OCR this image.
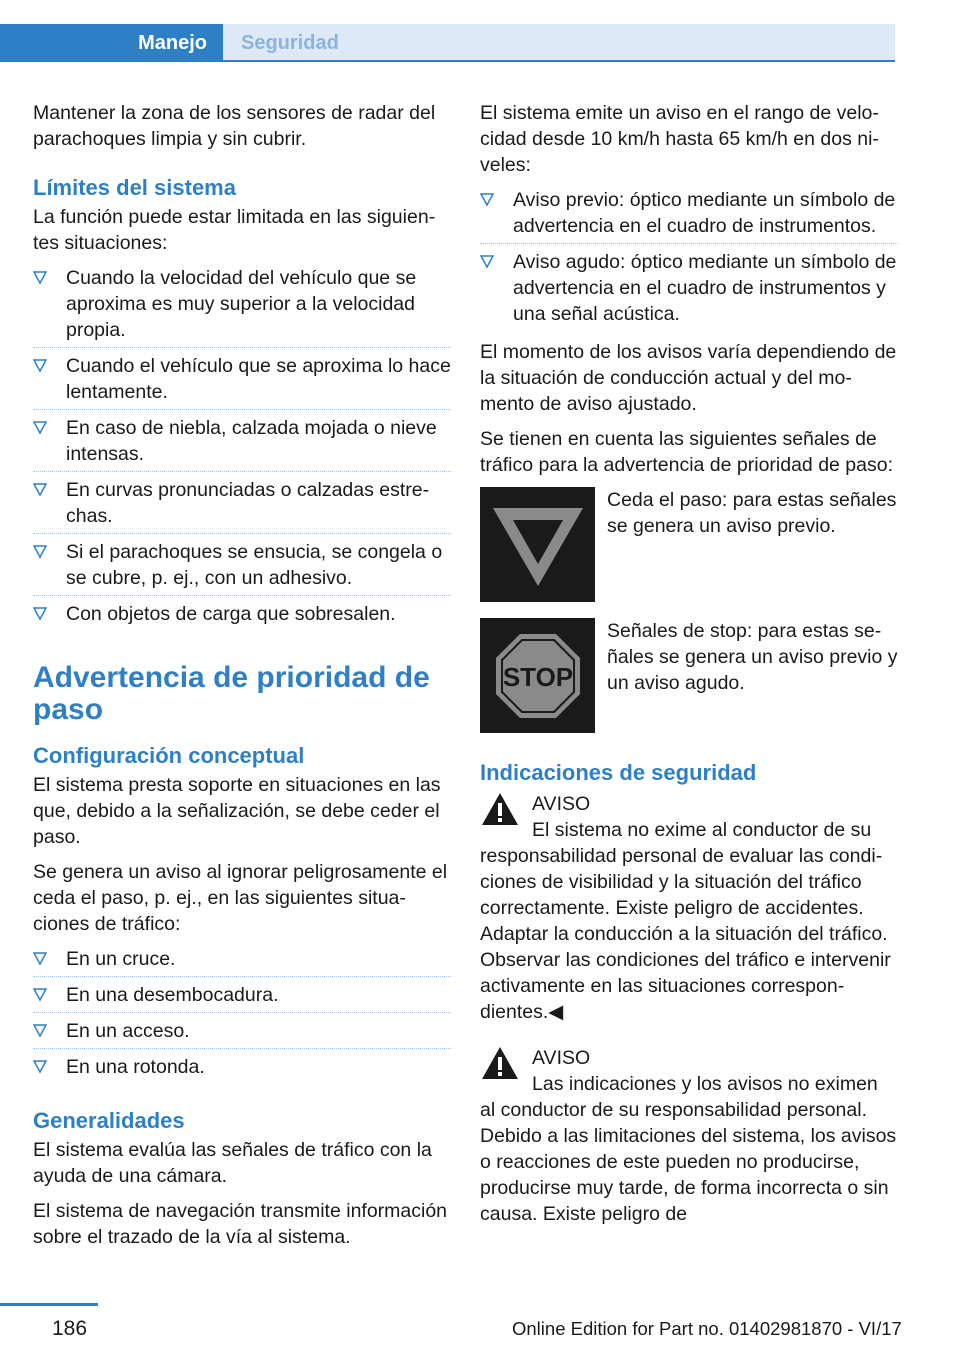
Manejo	Seguridad

Mantener la zona de los sensores de radar del parachoques limpia y sin cubrir.

Límites del sistema

La función puede estar limitada en las siguientes situaciones:

Cuando la velocidad del vehículo que se aproxima es muy superior a la velocidad propia.
Cuando el vehículo que se aproxima lo hace lentamente.
En caso de niebla, calzada mojada o nieve intensas.
En curvas pronunciadas o calzadas estrechas.
Si el parachoques se ensucia, se congela o se cubre, p. ej., con un adhesivo.
Con objetos de carga que sobresalen.
Advertencia de prioridad de paso
Configuración conceptual

El sistema presta soporte en situaciones en las que, debido a la señalización, se debe ceder el paso.

Se genera un aviso al ignorar peligrosamente el ceda el paso, p. ej., en las siguientes situaciones de tráfico:

En un cruce.
En una desembocadura.
En un acceso.
En una rotonda.
Generalidades

El sistema evalúa las señales de tráfico con la ayuda de una cámara.

El sistema de navegación transmite información sobre el trazado de la vía al sistema.

El sistema emite un aviso en el rango de velocidad desde 10 km/h hasta 65 km/h en dos niveles:

Aviso previo: óptico mediante un símbolo de advertencia en el cuadro de instrumentos.
Aviso agudo: óptico mediante un símbolo de advertencia en el cuadro de instrumentos y una señal acústica.

El momento de los avisos varía dependiendo de la situación de conducción actual y del momento de aviso ajustado.

Se tienen en cuenta las siguientes señales de tráfico para la advertencia de prioridad de paso:

Ceda el paso: para estas señales se genera un aviso previo.
STOP
Señales de stop: para estas señales se genera un aviso previo y un aviso agudo.
Indicaciones de seguridad
AVISO
El sistema no exime al conductor de su responsabilidad personal de evaluar las condiciones de visibilidad y la situación del tráfico correctamente. Existe peligro de accidentes. Adaptar la conducción a la situación del tráfico. Observar las condiciones del tráfico e intervenir activamente en las situaciones correspondientes.◀
AVISO
Las indicaciones y los avisos no eximen al conductor de su responsabilidad personal. Debido a las limitaciones del sistema, los avisos o reacciones de este pueden no producirse, producirse muy tarde, de forma incorrecta o sin causa. Existe peligro de
186	Online Edition for Part no. 01402981870 - VI/17
